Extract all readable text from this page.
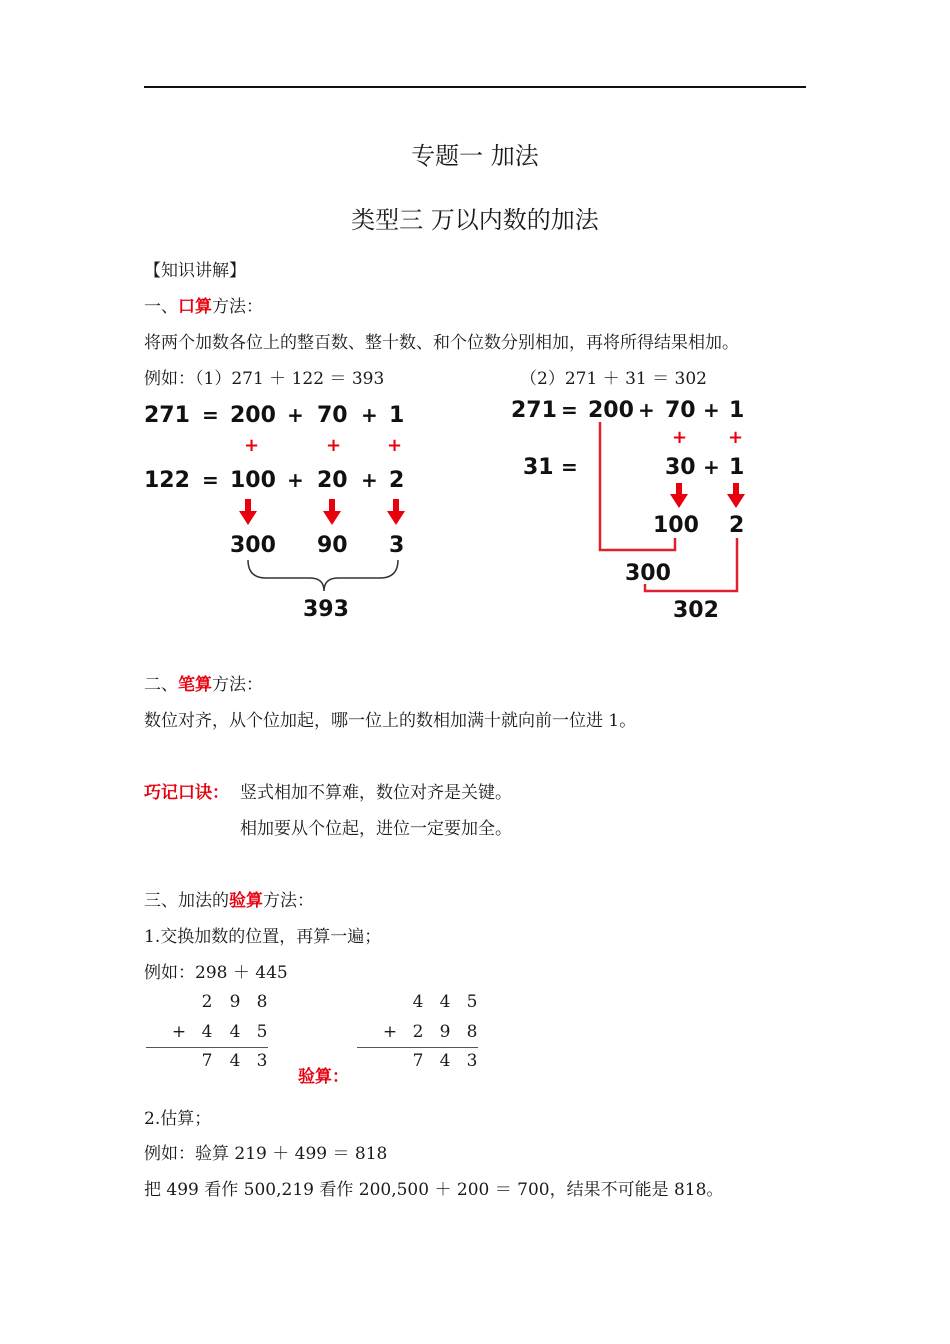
专题一 加法
类型三 万以内数的加法
【知识讲解】
一、口算方法：
将两个加数各位上的整百数、整十数、和个位数分别相加，再将所得结果相加。
例如：（1）271 ＋ 122 ＝ 393	（2）271 ＋ 31 ＝ 302
271 = 200 + 70 + 1
+	+	+
122 = 100 + 20 + 2
300 90 3
393
271 = 200 + 70 + 1
+ +
31 =	30 + 1
100 2
300
302
二、笔算方法：
数位对齐，从个位加起，哪一位上的数相加满十就向前一位进 1。
巧记口诀： 竖式相加不算难，数位对齐是关键。
相加要从个位起，进位一定要加全。
三、加法的验算方法：
1.交换加数的位置，再算一遍；
例如：298 ＋ 445
2 9 8
+ 4 4 5
7 4 3
验算：
4 4 5
+ 2 9 8
7 4 3
2.估算；
例如：验算 219 ＋ 499 ＝ 818
把 499 看作 500,219 看作 200,500 ＋ 200 ＝ 700，结果不可能是 818。
